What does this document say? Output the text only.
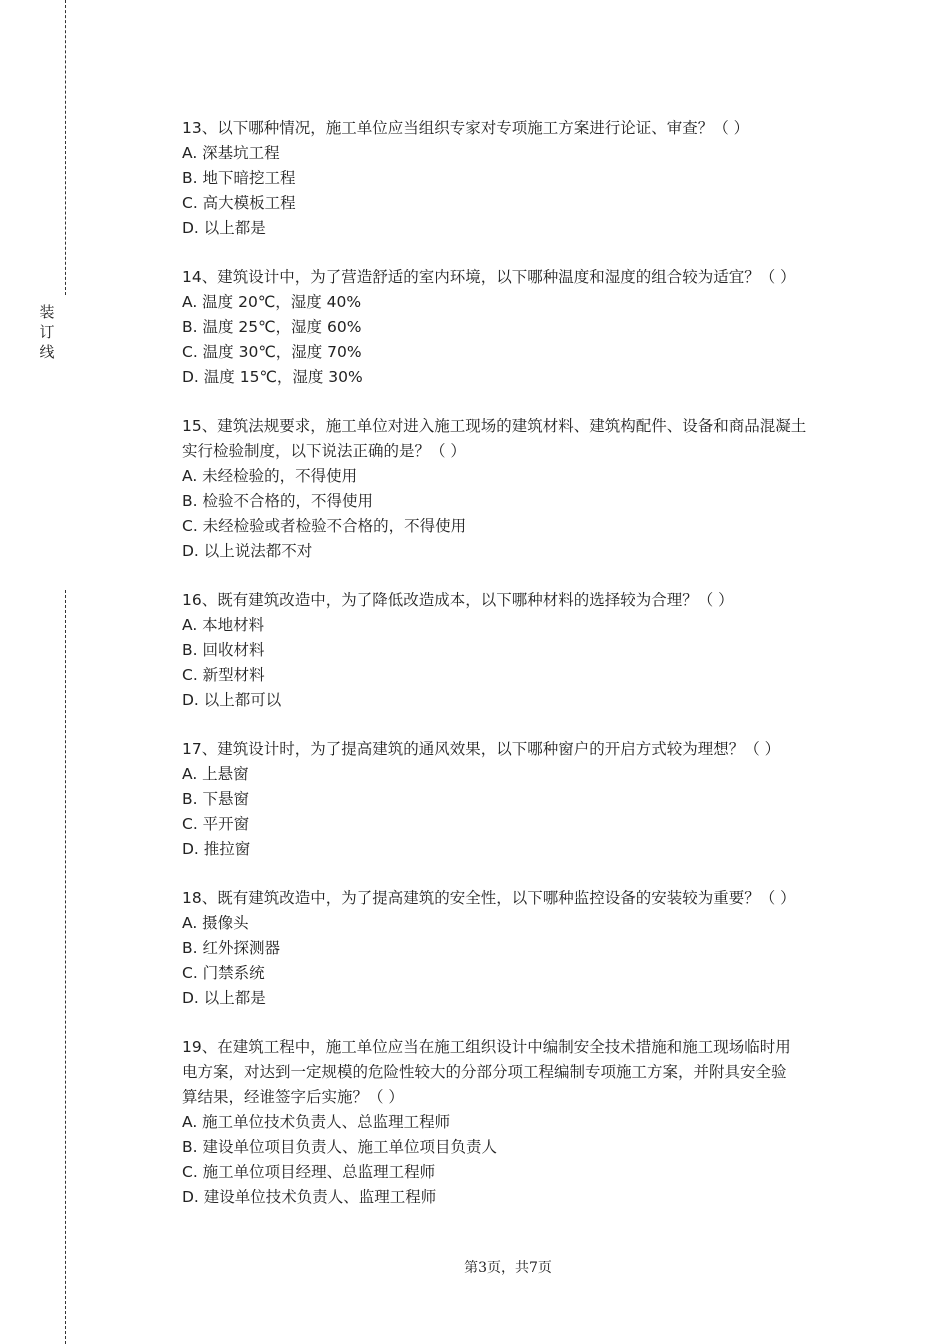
装订线
13、以下哪种情况，施工单位应当组织专家对专项施工方案进行论证、审查？（ ）
A. 深基坑工程
B. 地下暗挖工程
C. 高大模板工程
D. 以上都是
14、建筑设计中，为了营造舒适的室内环境，以下哪种温度和湿度的组合较为适宜？（ ）
A. 温度 20℃，湿度 40%
B. 温度 25℃，湿度 60%
C. 温度 30℃，湿度 70%
D. 温度 15℃，湿度 30%
15、建筑法规要求，施工单位对进入施工现场的建筑材料、建筑构配件、设备和商品混凝土
实行检验制度，以下说法正确的是？（ ）
A. 未经检验的，不得使用
B. 检验不合格的，不得使用
C. 未经检验或者检验不合格的，不得使用
D. 以上说法都不对
16、既有建筑改造中，为了降低改造成本，以下哪种材料的选择较为合理？（ ）
A. 本地材料
B. 回收材料
C. 新型材料
D. 以上都可以
17、建筑设计时，为了提高建筑的通风效果，以下哪种窗户的开启方式较为理想？（ ）
A. 上悬窗
B. 下悬窗
C. 平开窗
D. 推拉窗
18、既有建筑改造中，为了提高建筑的安全性，以下哪种监控设备的安装较为重要？（ ）
A. 摄像头
B. 红外探测器
C. 门禁系统
D. 以上都是
19、在建筑工程中，施工单位应当在施工组织设计中编制安全技术措施和施工现场临时用
电方案，对达到一定规模的危险性较大的分部分项工程编制专项施工方案，并附具安全验
算结果，经谁签字后实施？（ ）
A. 施工单位技术负责人、总监理工程师
B. 建设单位项目负责人、施工单位项目负责人
C. 施工单位项目经理、总监理工程师
D. 建设单位技术负责人、监理工程师
第3页，共7页
